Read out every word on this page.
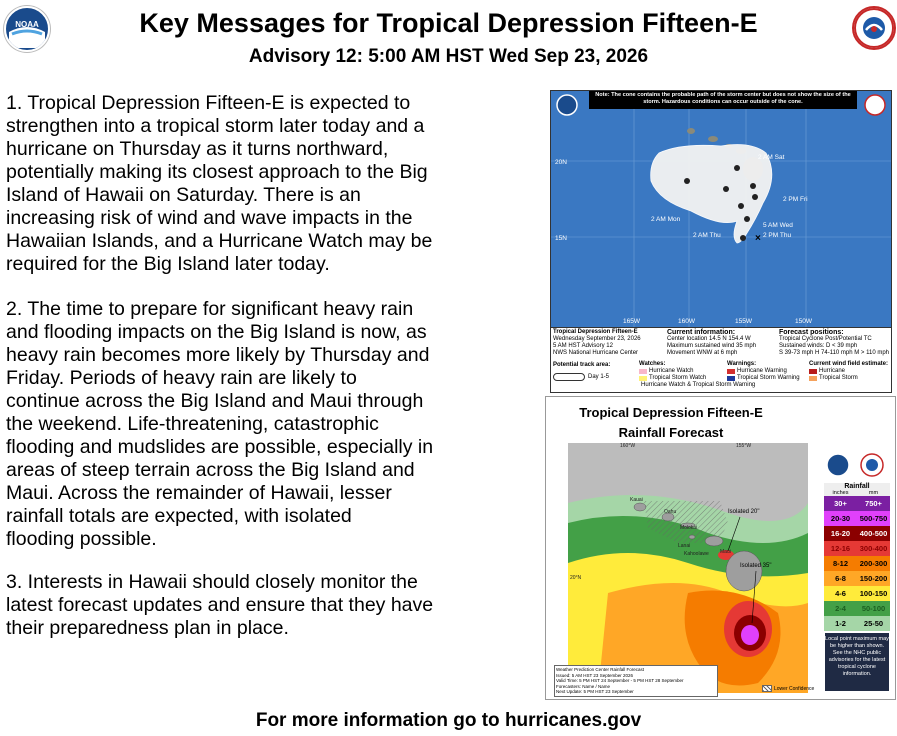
NOAA	Key Messages for Tropical Depression Fifteen-E
Advisory 12: 5:00 AM HST Wed Sep 23, 2026
1. Tropical Depression Fifteen-E is expected to
strengthen into a tropical storm later today and a
hurricane on Thursday as it turns northward,
potentially making its closest approach to the Big
Island of Hawaii on Saturday. There is an
increasing risk of wind and wave impacts in the
Hawaiian Islands, and a Hurricane Watch may be
required for the Big Island later today.
2. The time to prepare for significant heavy rain
and flooding impacts on the Big Island is now, as
heavy rain becomes more likely by Thursday and
Friday. Periods of heavy rain are likely to
continue across the Big Island and Maui through
the weekend. Life-threatening, catastrophic
flooding and mudslides are possible, especially in
areas of steep terrain across the Big Island and
Maui. Across the remainder of Hawaii, lesser
rainfall totals are expected, with isolated
flooding possible.
3. Interests in Hawaii should closely monitor the
latest forecast updates and ensure that they have
their preparedness plan in place.
Note: The cone contains the probable path of the storm center but does not show the size of the storm. Hazardous conditions can occur outside of the cone.
×
2 AM Sat
2 PM Fri
2 AM Mon
5 AM Wed
2 AM Thu	2 PM Thu
20N
15N
165W	160W	155W	150W
Tropical Depression Fifteen-E
Wednesday September 23, 2026
5 AM HST Advisory 12
NWS National Hurricane Center
Current information:
Center location 14.5 N 154.4 W
Maximum sustained wind 35 mph
Movement WNW at 6 mph
Forecast positions:
Tropical Cyclone Post/Potential TC
Sustained winds: D < 39 mph
S 39-73 mph H 74-110 mph M > 110 mph
Potential track area:
Day 1-5
Watches:
Hurricane Watch
Tropical Storm Watch
Hurricane Watch & Tropical Storm Warning
Warnings:
Hurricane Warning
Tropical Storm Warning
Current wind field estimate:
Hurricane
Tropical Storm
Tropical Depression Fifteen-E
Rainfall Forecast
Kauai
Oahu
Molokai
Lanai
Maui
Kahoolawe
160°W	155°W
20°N
Isolated 20"
Isolated 35"
Rainfall
inches	mm
30+	750+
20-30	500-750
16-20	400-500
12-16	300-400
8-12	200-300
6-8	150-200
4-6	100-150
2-4	50-100
1-2	25-50
Local point maximum may be higher than shown. See the NHC public advisories for the latest tropical cyclone information.
Weather Prediction Center Rainfall Forecast
Issued: 5 AM HST 23 September 2026
Valid Time: 5 PM HST 24 September - 5 PM HST 28 September
Forecasters: Name / Name
Next Update: 5 PM HST 23 September
Lower Confidence
For more information go to hurricanes.gov
